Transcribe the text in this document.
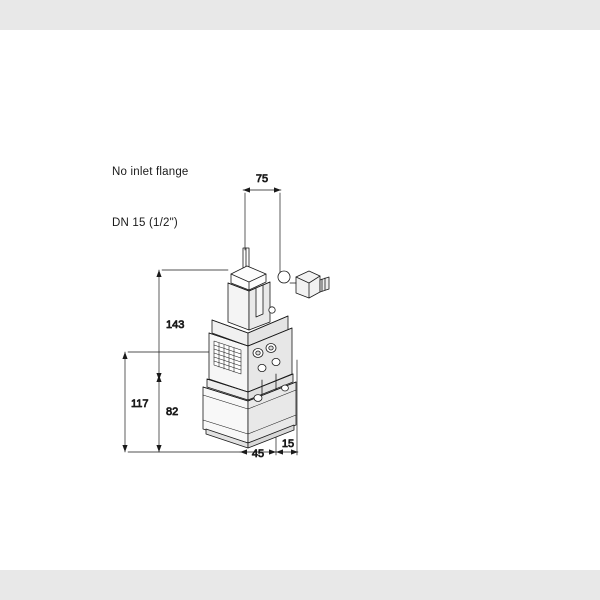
No inlet flange

DN 15 (1/2")

75
143
117
82
45
15
